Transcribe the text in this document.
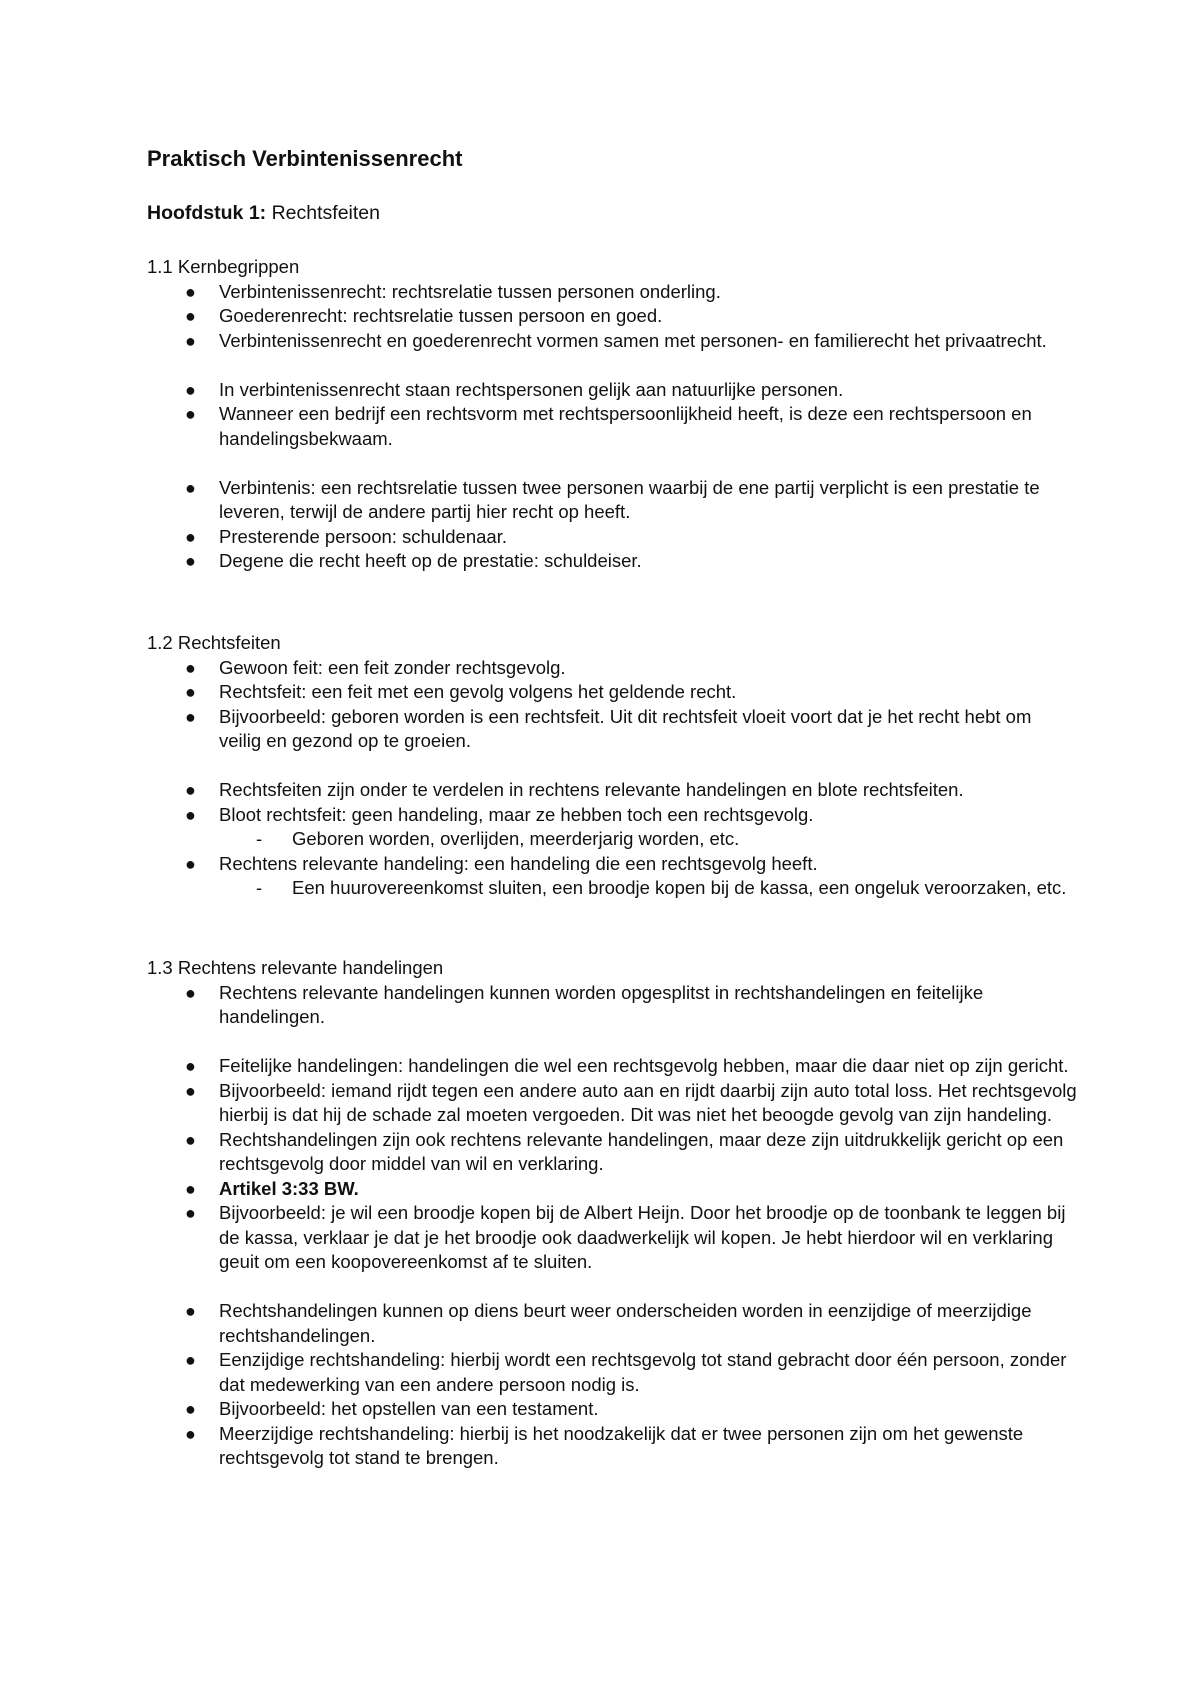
Praktisch Verbintenissenrecht
Hoofdstuk 1: Rechtsfeiten
1.1 Kernbegrippen
● Verbintenissenrecht: rechtsrelatie tussen personen onderling.
● Goederenrecht: rechtsrelatie tussen persoon en goed.
● Verbintenissenrecht en goederenrecht vormen samen met personen- en familierecht het privaatrecht.
● In verbintenissenrecht staan rechtspersonen gelijk aan natuurlijke personen.
● Wanneer een bedrijf een rechtsvorm met rechtspersoonlijkheid heeft, is deze een rechtspersoon en handelingsbekwaam.
● Verbintenis: een rechtsrelatie tussen twee personen waarbij de ene partij verplicht is een prestatie te leveren, terwijl de andere partij hier recht op heeft.
● Presterende persoon: schuldenaar.
● Degene die recht heeft op de prestatie: schuldeiser.
1.2 Rechtsfeiten
● Gewoon feit: een feit zonder rechtsgevolg.
● Rechtsfeit: een feit met een gevolg volgens het geldende recht.
● Bijvoorbeeld: geboren worden is een rechtsfeit. Uit dit rechtsfeit vloeit voort dat je het recht hebt om veilig en gezond op te groeien.
● Rechtsfeiten zijn onder te verdelen in rechtens relevante handelingen en blote rechtsfeiten.
● Bloot rechtsfeit: geen handeling, maar ze hebben toch een rechtsgevolg.
- Geboren worden, overlijden, meerderjarig worden, etc.
● Rechtens relevante handeling: een handeling die een rechtsgevolg heeft.
- Een huurovereenkomst sluiten, een broodje kopen bij de kassa, een ongeluk veroorzaken, etc.
1.3 Rechtens relevante handelingen
● Rechtens relevante handelingen kunnen worden opgesplitst in rechtshandelingen en feitelijke handelingen.
● Feitelijke handelingen: handelingen die wel een rechtsgevolg hebben, maar die daar niet op zijn gericht.
● Bijvoorbeeld: iemand rijdt tegen een andere auto aan en rijdt daarbij zijn auto total loss. Het rechtsgevolg hierbij is dat hij de schade zal moeten vergoeden. Dit was niet het beoogde gevolg van zijn handeling.
● Rechtshandelingen zijn ook rechtens relevante handelingen, maar deze zijn uitdrukkelijk gericht op een rechtsgevolg door middel van wil en verklaring.
● Artikel 3:33 BW.
● Bijvoorbeeld: je wil een broodje kopen bij de Albert Heijn. Door het broodje op de toonbank te leggen bij de kassa, verklaar je dat je het broodje ook daadwerkelijk wil kopen. Je hebt hierdoor wil en verklaring geuit om een koopovereenkomst af te sluiten.
● Rechtshandelingen kunnen op diens beurt weer onderscheiden worden in eenzijdige of meerzijdige rechtshandelingen.
● Eenzijdige rechtshandeling: hierbij wordt een rechtsgevolg tot stand gebracht door één persoon, zonder dat medewerking van een andere persoon nodig is.
● Bijvoorbeeld: het opstellen van een testament.
● Meerzijdige rechtshandeling: hierbij is het noodzakelijk dat er twee personen zijn om het gewenste rechtsgevolg tot stand te brengen.
